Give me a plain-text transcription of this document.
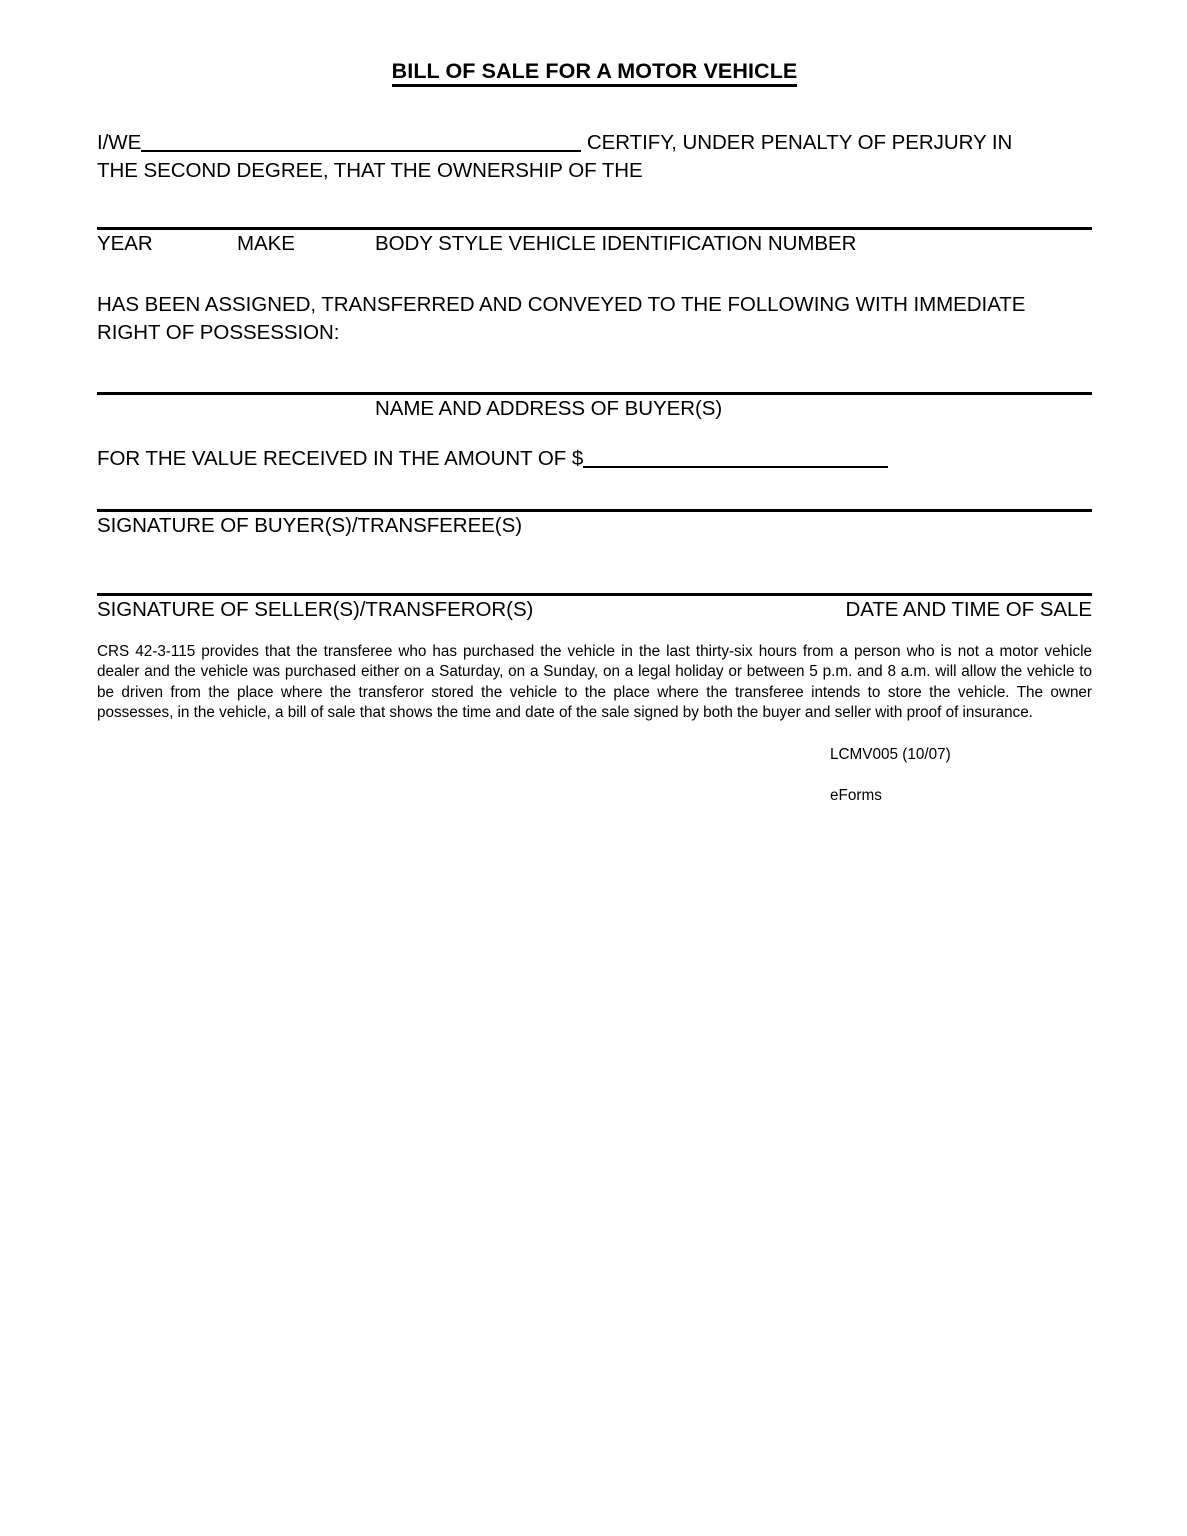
BILL OF SALE FOR A MOTOR VEHICLE
I/WE	CERTIFY, UNDER PENALTY OF PERJURY IN
THE SECOND DEGREE, THAT THE OWNERSHIP OF THE
YEAR	MAKE	BODY STYLE VEHICLE IDENTIFICATION NUMBER
HAS BEEN ASSIGNED, TRANSFERRED AND CONVEYED TO THE FOLLOWING WITH IMMEDIATE
RIGHT OF POSSESSION:
NAME AND ADDRESS OF BUYER(S)
FOR THE VALUE RECEIVED IN THE AMOUNT OF $
SIGNATURE OF BUYER(S)/TRANSFEREE(S)
SIGNATURE OF SELLER(S)/TRANSFEROR(S)	DATE AND TIME OF SALE

CRS 42-3-115 provides that the transferee who has purchased the vehicle in the last thirty-six hours from a person who is not a motor vehicle dealer and the vehicle was purchased either on a Saturday, on a Sunday, on a legal holiday or between 5 p.m. and 8 a.m. will allow the vehicle to be driven from the place where the transferor stored the vehicle to the place where the transferee intends to store the vehicle. The owner possesses, in the vehicle, a bill of sale that shows the time and date of the sale signed by both the buyer and seller with proof of insurance.

LCMV005 (10/07)
eForms
